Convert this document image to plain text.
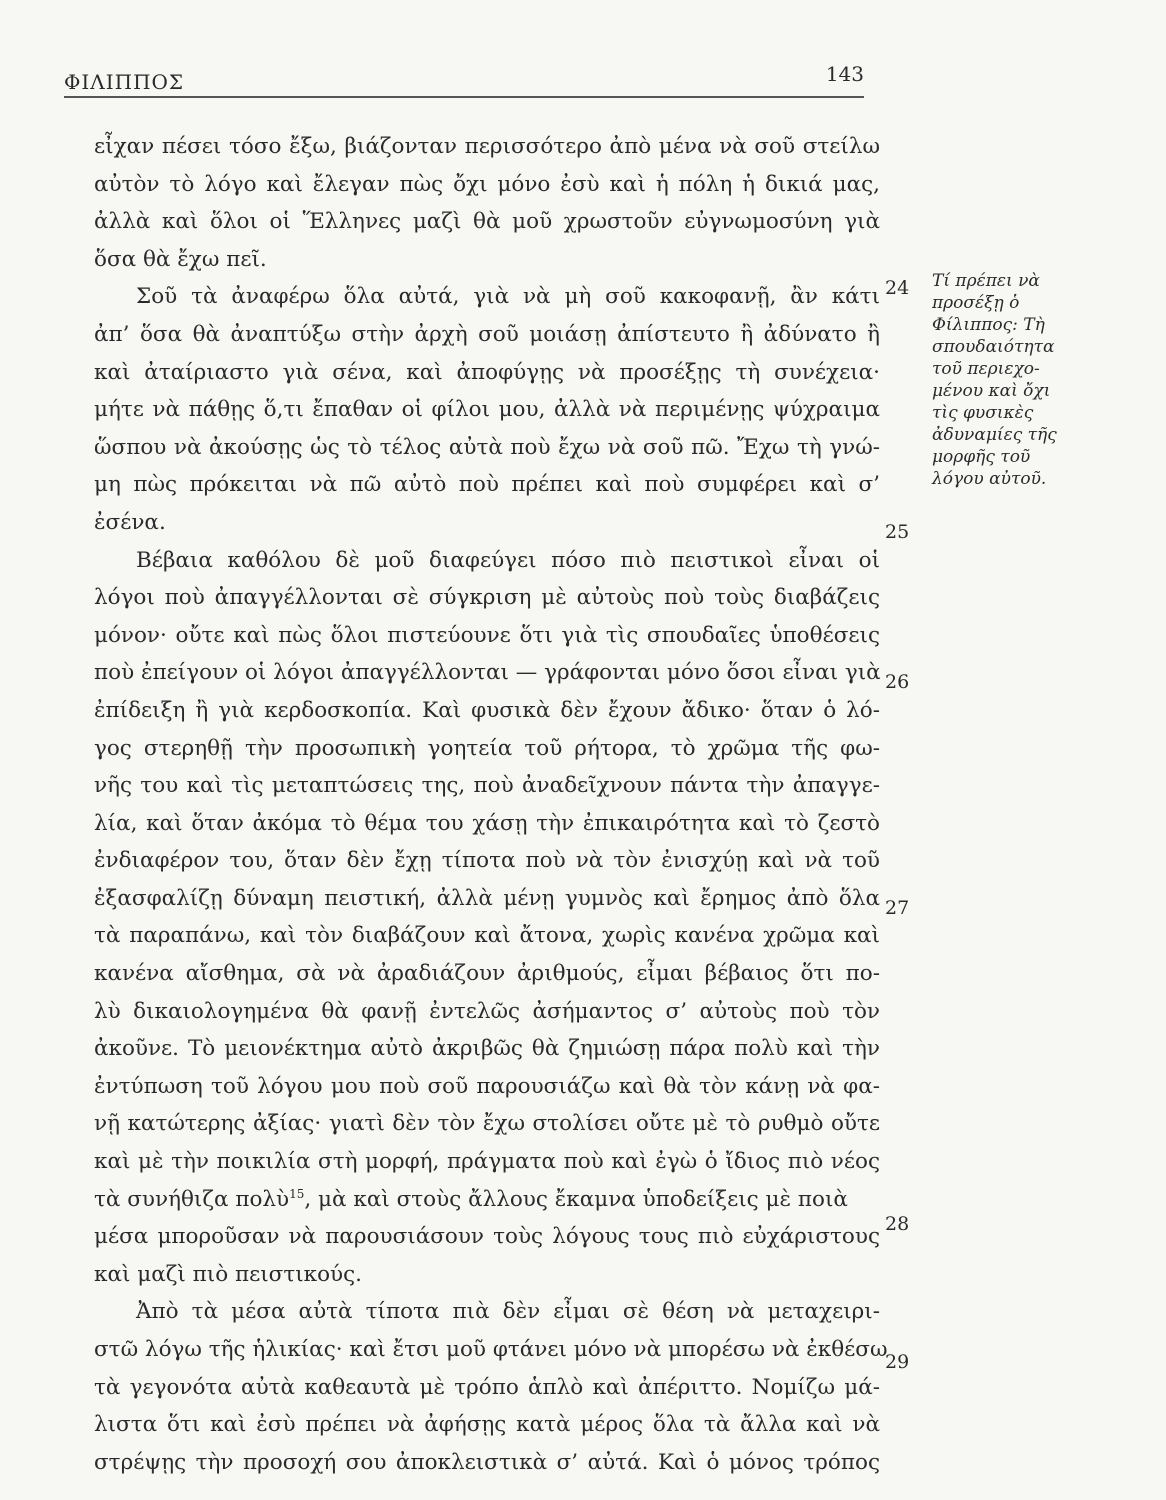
ΦΙΛΙΠΠΟΣ	143
εἶχαν πέσει τόσο ἔξω, βιάζονταν περισσότερο ἀπὸ μένα νὰ σοῦ στείλω
αὐτὸν τὸ λόγο καὶ ἔλεγαν πὼς ὄχι μόνο ἐσὺ καὶ ἡ πόλη ἡ δικιά μας,
ἀλλὰ καὶ ὅλοι οἱ Ἕλληνες μαζὶ θὰ μοῦ χρωστοῦν εὐγνωμοσύνη γιὰ
ὅσα θὰ ἔχω πεῖ.
Σοῦ τὰ ἀναφέρω ὅλα αὐτά, γιὰ νὰ μὴ σοῦ κακοφανῇ, ἂν κάτι
ἀπ’ ὅσα θὰ ἀναπτύξω στὴν ἀρχὴ σοῦ μοιάσῃ ἀπίστευτο ἢ ἀδύνατο ἢ
καὶ ἀταίριαστο γιὰ σένα, καὶ ἀποφύγῃς νὰ προσέξῃς τὴ συνέχεια·
μήτε νὰ πάθῃς ὅ,τι ἔπαθαν οἱ φίλοι μου, ἀλλὰ νὰ περιμένῃς ψύχραιμα
ὥσπου νὰ ἀκούσῃς ὡς τὸ τέλος αὐτὰ ποὺ ἔχω νὰ σοῦ πῶ. Ἔχω τὴ γνώ-
μη πὼς πρόκειται νὰ πῶ αὐτὸ ποὺ πρέπει καὶ ποὺ συμφέρει καὶ σ’
ἐσένα.
Βέβαια καθόλου δὲ μοῦ διαφεύγει πόσο πιὸ πειστικοὶ εἶναι οἱ
λόγοι ποὺ ἀπαγγέλλονται σὲ σύγκριση μὲ αὐτοὺς ποὺ τοὺς διαβάζεις
μόνον· οὔτε καὶ πὼς ὅλοι πιστεύουνε ὅτι γιὰ τὶς σπουδαῖες ὑποθέσεις
ποὺ ἐπείγουν οἱ λόγοι ἀπαγγέλλονται — γράφονται μόνο ὅσοι εἶναι γιὰ
ἐπίδειξη ἢ γιὰ κερδοσκοπία. Καὶ φυσικὰ δὲν ἔχουν ἄδικο· ὅταν ὁ λό-
γος στερηθῇ τὴν προσωπικὴ γοητεία τοῦ ρήτορα, τὸ χρῶμα τῆς φω-
νῆς του καὶ τὶς μεταπτώσεις της, ποὺ ἀναδεῖχνουν πάντα τὴν ἀπαγγε-
λία, καὶ ὅταν ἀκόμα τὸ θέμα του χάσῃ τὴν ἐπικαιρότητα καὶ τὸ ζεστὸ
ἐνδιαφέρον του, ὅταν δὲν ἔχῃ τίποτα ποὺ νὰ τὸν ἐνισχύῃ καὶ νὰ τοῦ
ἐξασφαλίζῃ δύναμη πειστική, ἀλλὰ μένῃ γυμνὸς καὶ ἔρημος ἀπὸ ὅλα
τὰ παραπάνω, καὶ τὸν διαβάζουν καὶ ἄτονα, χωρὶς κανένα χρῶμα καὶ
κανένα αἴσθημα, σὰ νὰ ἀραδιάζουν ἀριθμούς, εἶμαι βέβαιος ὅτι πο-
λὺ δικαιολογημένα θὰ φανῇ ἐντελῶς ἀσήμαντος σ’ αὐτοὺς ποὺ τὸν
ἀκοῦνε. Τὸ μειονέκτημα αὐτὸ ἀκριβῶς θὰ ζημιώσῃ πάρα πολὺ καὶ τὴν
ἐντύπωση τοῦ λόγου μου ποὺ σοῦ παρουσιάζω καὶ θὰ τὸν κάνῃ νὰ φα-
νῇ κατώτερης ἀξίας· γιατὶ δὲν τὸν ἔχω στολίσει οὔτε μὲ τὸ ρυθμὸ οὔτε
καὶ μὲ τὴν ποικιλία στὴ μορφή, πράγματα ποὺ καὶ ἐγὼ ὁ ἴδιος πιὸ νέος
τὰ συνήθιζα πολὺ$^{15}$, μὰ καὶ στοὺς ἄλλους ἔκαμνα ὑποδείξεις μὲ ποιὰ
μέσα μποροῦσαν νὰ παρουσιάσουν τοὺς λόγους τους πιὸ εὐχάριστους
καὶ μαζὶ πιὸ πειστικούς.
Ἀπὸ τὰ μέσα αὐτὰ τίποτα πιὰ δὲν εἶμαι σὲ θέση νὰ μεταχειρι-
στῶ λόγω τῆς ἡλικίας· καὶ ἔτσι μοῦ φτάνει μόνο νὰ μπορέσω νὰ ἐκθέσω
τὰ γεγονότα αὐτὰ καθεαυτὰ μὲ τρόπο ἁπλὸ καὶ ἀπέριττο. Νομίζω μά-
λιστα ὅτι καὶ ἐσὺ πρέπει νὰ ἀφήσῃς κατὰ μέρος ὅλα τὰ ἄλλα καὶ νὰ
στρέψῃς τὴν προσοχή σου ἀποκλειστικὰ σ’ αὐτά. Καὶ ὁ μόνος τρόπος
24
25
26
27
28
29
Τί πρέπει νὰ
προσέξῃ ὁ
Φίλιππος: Τὴ
σπουδαιότητα
τοῦ περιεχο-
μένου καὶ ὄχι
τὶς φυσικὲς
ἀδυναμίες τῆς
μορφῆς τοῦ
λόγου αὐτοῦ.
